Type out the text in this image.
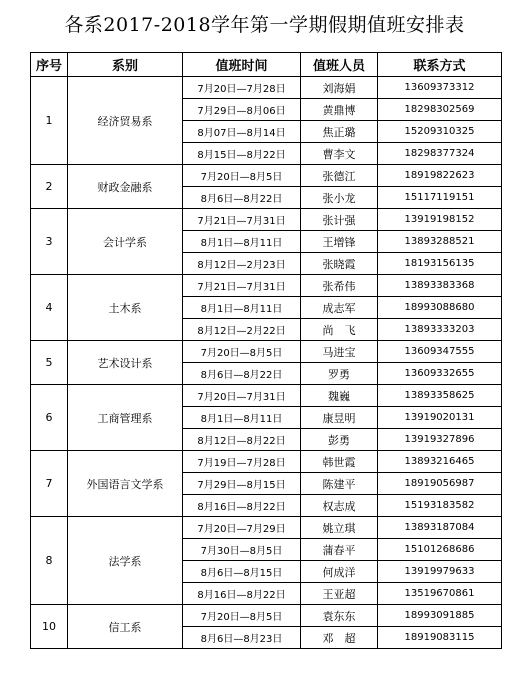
各系2017-2018学年第一学期假期值班安排表
序号	系别	值班时间	值班人员	联系方式
1	经济贸易系	7月20日—7月28日	刘海娟	13609373312
		7月29日—8月06日	黄鼎博	18298302569
		8月07日—8月14日	焦正璐	15209310325
		8月15日—8月22日	曹李文	18298377324
2	财政金融系	7月20日—8月5日	张德江	18919822623
		8月6日—8月22日	张小龙	15117119151
3	会计学系	7月21日—7月31日	张计强	13919198152
		8月1日—8月11日	王增锋	13893288521
		8月12日—2月23日	张晓霞	18193156135
4	土木系	7月21日—7月31日	张希伟	13893383368
		8月1日—8月11日	成志军	18993088680
		8月12日—2月22日	尚　飞	13893333203
5	艺术设计系	7月20日—8月5日	马进宝	13609347555
		8月6日—8月22日	罗勇	13609332655
6	工商管理系	7月20日—7月31日	魏巍	13893358625
		8月1日—8月11日	康昱明	13919020131
		8月12日—8月22日	彭勇	13919327896
7	外国语言文学系	7月19日—7月28日	韩世霞	13893216465
		7月29日—8月15日	陈建平	18919056987
		8月16日—8月22日	权志成	15193183582
8	法学系	7月20日—7月29日	姚立琪	13893187084
		7月30日—8月5日	蒲春平	15101268686
		8月6日—8月15日	何成洋	13919979633
		8月16日—8月22日	王亚超	13519670861
10	信工系	7月20日—8月5日	袁东东	18993091885
		8月6日—8月23日	邓　超	18919083115
